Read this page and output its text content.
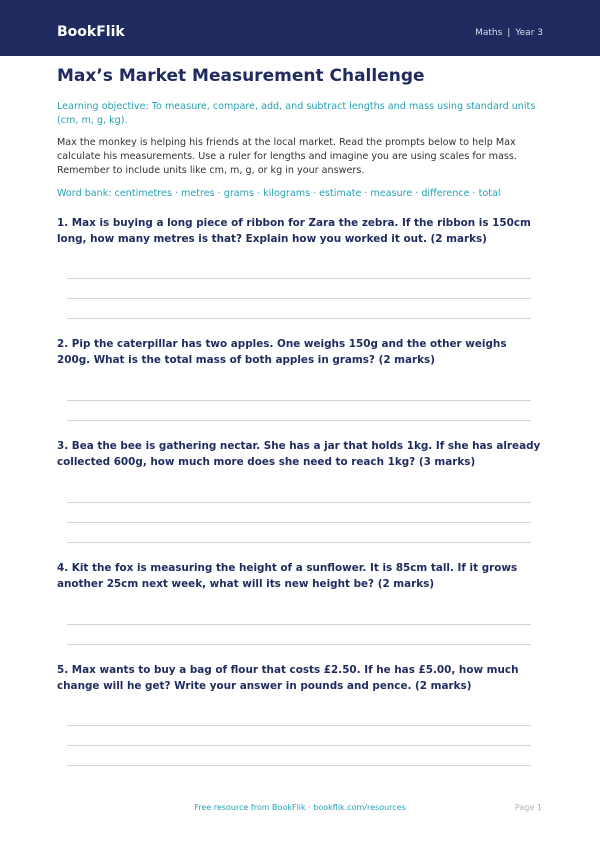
BookFlik	Maths | Year 3
Max’s Market Measurement Challenge
Learning objective: To measure, compare, add, and subtract lengths and mass using standard units (cm, m, g, kg).
Max the monkey is helping his friends at the local market. Read the prompts below to help Max calculate his measurements. Use a ruler for lengths and imagine you are using scales for mass. Remember to include units like cm, m, g, or kg in your answers.
Word bank: centimetres · metres · grams · kilograms · estimate · measure · difference · total
1. Max is buying a long piece of ribbon for Zara the zebra. If the ribbon is 150cm long, how many metres is that? Explain how you worked it out. (2 marks)
2. Pip the caterpillar has two apples. One weighs 150g and the other weighs 200g. What is the total mass of both apples in grams? (2 marks)
3. Bea the bee is gathering nectar. She has a jar that holds 1kg. If she has already collected 600g, how much more does she need to reach 1kg? (3 marks)
4. Kit the fox is measuring the height of a sunflower. It is 85cm tall. If it grows another 25cm next week, what will its new height be? (2 marks)
5. Max wants to buy a bag of flour that costs £2.50. If he has £5.00, how much change will he get? Write your answer in pounds and pence. (2 marks)
Free resource from BookFlik · bookflik.com/resources	Page 1
